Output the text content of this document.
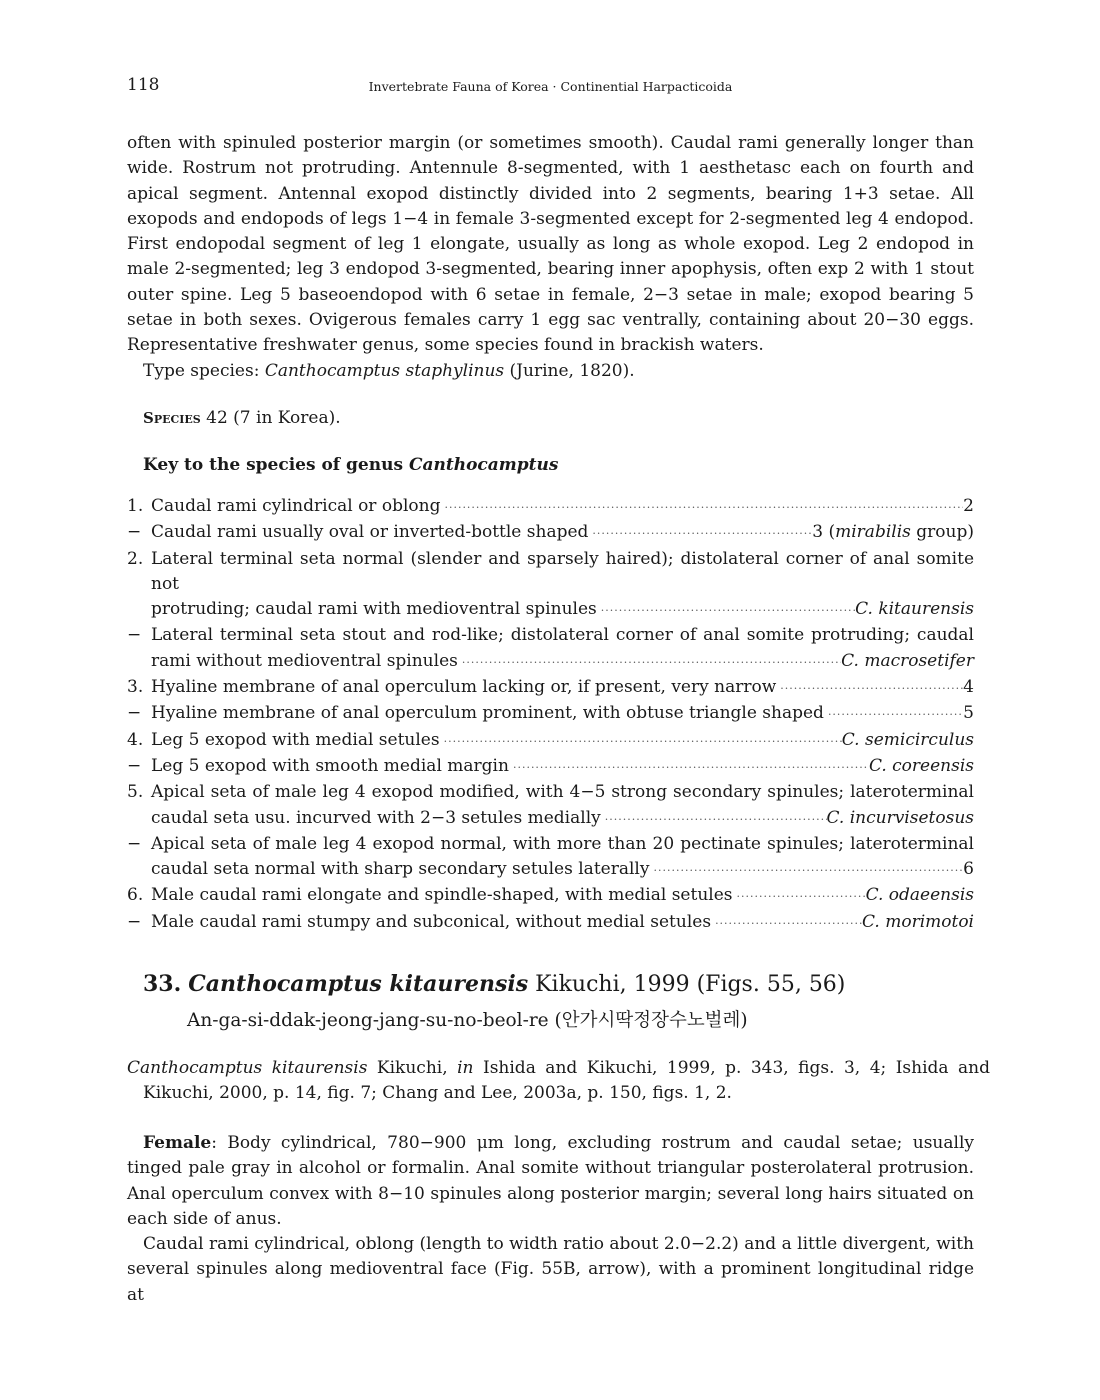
118	Invertebrate Fauna of Korea · Continential Harpacticoida

often with spinuled posterior margin (or sometimes smooth). Caudal rami generally longer than wide. Rostrum not protruding. Antennule 8-segmented, with 1 aesthetasc each on fourth and apical segment. Antennal exopod distinctly divided into 2 segments, bearing 1+3 setae. All exopods and endopods of legs 1−4 in female 3-segmented except for 2-segmented leg 4 endopod. First endopodal segment of leg 1 elongate, usually as long as whole exopod. Leg 2 endopod in male 2-segmented; leg 3 endopod 3-segmented, bearing inner apophysis, often exp 2 with 1 stout outer spine. Leg 5 baseoendopod with 6 setae in female, 2−3 setae in male; exopod bearing 5 setae in both sexes. Ovigerous females carry 1 egg sac ventrally, containing about 20−30 eggs. Representative freshwater genus, some species found in brackish waters.

Type species: Canthocamptus staphylinus (Jurine, 1820).

Species 42 (7 in Korea).

Key to the species of genus Canthocamptus

1. Caudal rami cylindrical or oblong ·····	2
− Caudal rami usually oval or inverted-bottle shaped ·····	3 (mirabilis group)
2. Lateral terminal seta normal (slender and sparsely haired); distolateral corner of anal somite not
protruding; caudal rami with medioventral spinules ·····	C. kitaurensis
− Lateral terminal seta stout and rod-like; distolateral corner of anal somite protruding; caudal
rami without medioventral spinules ·····	C. macrosetifer
3. Hyaline membrane of anal operculum lacking or, if present, very narrow ·····	4
− Hyaline membrane of anal operculum prominent, with obtuse triangle shaped ·····	5
4. Leg 5 exopod with medial setules ·····	C. semicirculus
− Leg 5 exopod with smooth medial margin ·····	C. coreensis
5. Apical seta of male leg 4 exopod modified, with 4−5 strong secondary spinules; lateroterminal
caudal seta usu. incurved with 2−3 setules medially ·····	C. incurvisetosus
− Apical seta of male leg 4 exopod normal, with more than 20 pectinate spinules; lateroterminal
caudal seta normal with sharp secondary setules laterally ·····	6
6. Male caudal rami elongate and spindle-shaped, with medial setules ·····	C. odaeensis
− Male caudal rami stumpy and subconical, without medial setules ·····	C. morimotoi

33. Canthocamptus kitaurensis Kikuchi, 1999 (Figs. 55, 56)

An-ga-si-ddak-jeong-jang-su-no-beol-re (안가시딱정장수노벌레)

Canthocamptus kitaurensis Kikuchi, in Ishida and Kikuchi, 1999, p. 343, figs. 3, 4; Ishida and Kikuchi, 2000, p. 14, fig. 7; Chang and Lee, 2003a, p. 150, figs. 1, 2.

Female: Body cylindrical, 780−900 μm long, excluding rostrum and caudal setae; usually tinged pale gray in alcohol or formalin. Anal somite without triangular posterolateral protrusion. Anal operculum convex with 8−10 spinules along posterior margin; several long hairs situated on each side of anus.

Caudal rami cylindrical, oblong (length to width ratio about 2.0−2.2) and a little divergent, with several spinules along medioventral face (Fig. 55B, arrow), with a prominent longitudinal ridge at
